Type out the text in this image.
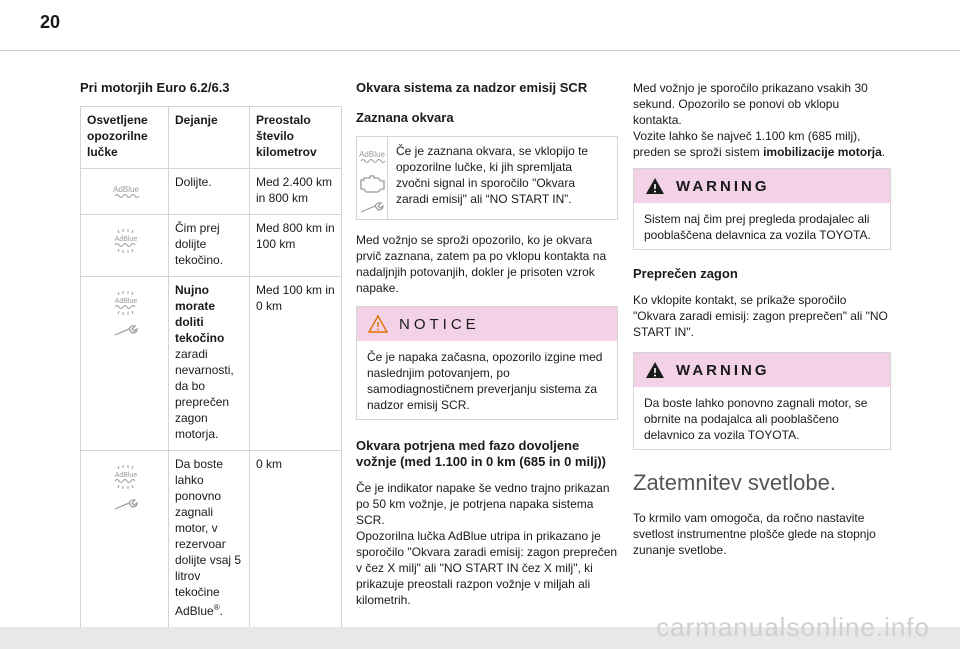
20
Pri motorjih Euro 6.2/6.3
Osvetljene opozorilne lučke	Dejanje	Preostalo število kilometrov

AdBlue	Dolijte.	Med 2.400 km in 800 km

AdBlue	Čim prej dolijte tekočino.	Med 800 km in 100 km

AdBlue	Nujno morate doliti tekočino zaradi nevarnosti, da bo preprečen zagon motorja.	Med 100 km in 0 km

AdBlue	Da boste lahko ponovno zagnali motor, v rezervoar dolijte vsaj 5 litrov tekočine AdBlue®.	0 km
Okvara sistema za nadzor emisij SCR
Zaznana okvara
AdBlue Če je zaznana okvara, se vklopijo te opozorilne lučke, ki jih spremljata zvočni signal in sporočilo "Okvara zaradi emisij" ali “NO START IN”.

Med vožnjo se sproži opozorilo, ko je okvara prvič zaznana, zatem pa po vklopu kontakta na nadaljnjih potovanjih, dokler je prisoten vzrok napake.

NOTICE
Če je napaka začasna, opozorilo izgine med naslednjim potovanjem, po samodiagnostičnem preverjanju sistema za nadzor emisij SCR.
Okvara potrjena med fazo dovoljene vožnje (med 1.100 in 0 km (685 in 0 milj))

Če je indikator napake še vedno trajno prikazan po 50 km vožnje, je potrjena napaka sistema SCR.

Opozorilna lučka AdBlue utripa in prikazano je sporočilo "Okvara zaradi emisij: zagon preprečen v čez X milj" ali "NO START IN čez X milj", ki prikazuje preostali razpon vožnje v miljah ali kilometrih.

Med vožnjo je sporočilo prikazano vsakih 30 sekund. Opozorilo se ponovi ob vklopu kontakta.

Vozite lahko še največ 1.100 km (685 milj), preden se sproži sistem imobilizacije motorja.

WARNING
Sistem naj čim prej pregleda prodajalec ali pooblaščena delavnica za vozila TOYOTA.
Preprečen zagon

Ko vklopite kontakt, se prikaže sporočilo "Okvara zaradi emisij: zagon preprečen" ali "NO START IN".

WARNING
Da boste lahko ponovno zagnali motor, se obrnite na podajalca ali pooblaščeno delavnico za vozila TOYOTA.
Zatemnitev svetlobe.

To krmilo vam omogoča, da ročno nastavite svetlost instrumentne plošče glede na stopnjo zunanje svetlobe.

carmanualsonline.info
